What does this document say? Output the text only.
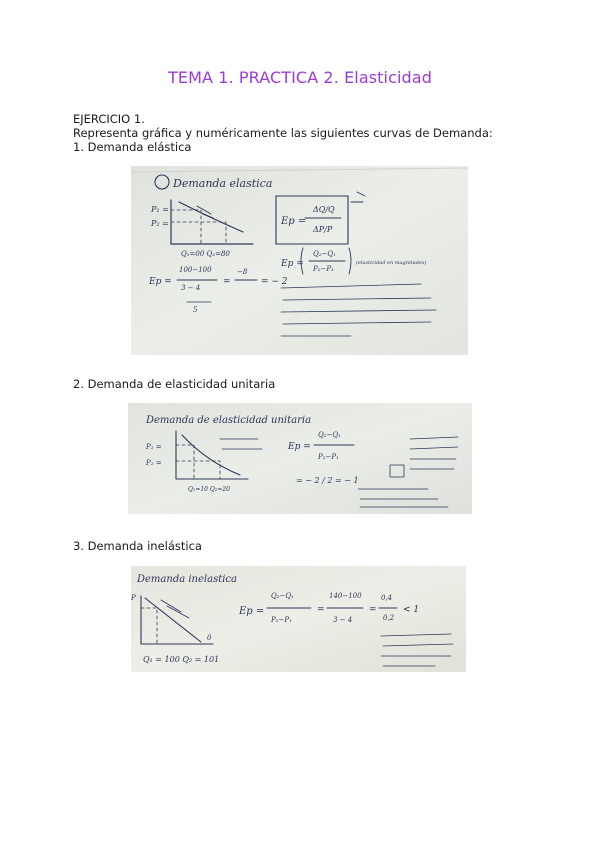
TEMA 1. PRACTICA 2. Elasticidad
EJERCICIO 1.
Representa gráfica y numéricamente las siguientes curvas de Demanda:
1. Demanda elástica
Demanda elastica
P₁ =
P₂ =
Q₁=00 Q₂=80
Ep =
ΔQ/Q
ΔP/P
Ep =
Q₂−Q₁
P₂−P₁
(elasticidad en magnitudes)
Ep =
100−100
3 − 4
=
−8
= − 2
5
2. Demanda de elasticidad unitaria
Demanda de elasticidad unitaria
P₁ =
P₂ =
Q₁=10 Q₂=20
Ep =
Q₂−Q₁
P₂−P₁
= − 2 / 2 = − 1
3. Demanda inelástica
Demanda inelastica
P
0
Q₁ = 100 Q₂ = 101
Ep =
Q₂−Q₁
P₂−P₁
=
140−100
3 − 4
=
0,4
0,2
< 1
